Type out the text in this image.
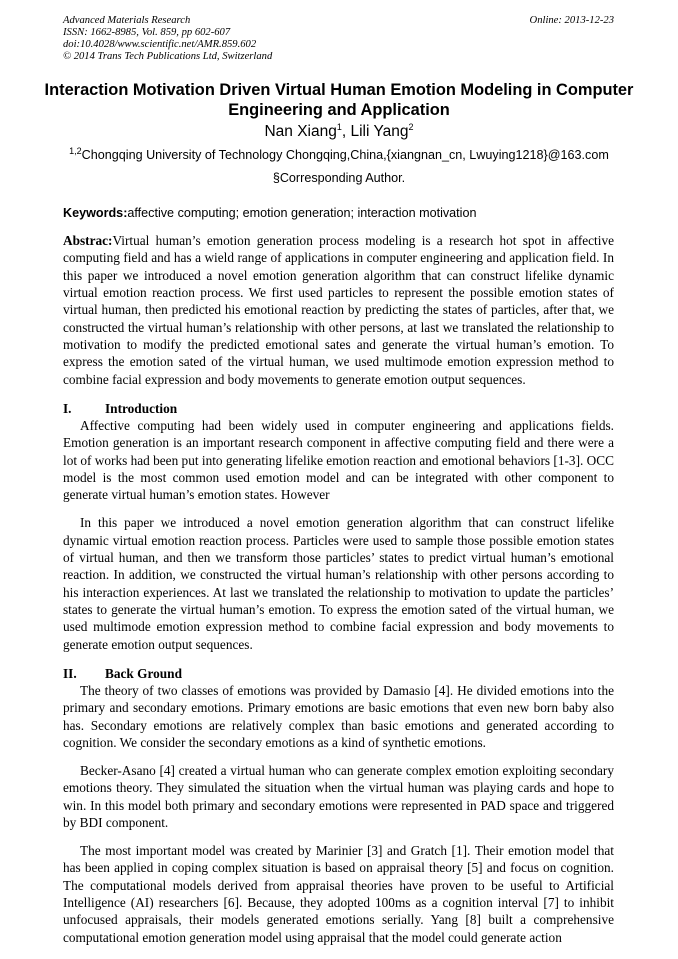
Advanced Materials Research
ISSN: 1662-8985, Vol. 859, pp 602-607
doi:10.4028/www.scientific.net/AMR.859.602
© 2014 Trans Tech Publications Ltd, Switzerland
Online: 2013-12-23
Interaction Motivation Driven Virtual Human Emotion Modeling in Computer Engineering and Application
Nan Xiang$^1$, Lili Yang$^2$
$^{1,2}$Chongqing University of Technology Chongqing,China,{xiangnan_cn, Lwuying1218}@163.com
§Corresponding Author.
Keywords:affective computing; emotion generation; interaction motivation

Abstrac:Virtual human’s emotion generation process modeling is a research hot spot in affective computing field and has a wield range of applications in computer engineering and application field. In this paper we introduced a novel emotion generation algorithm that can construct lifelike dynamic virtual emotion reaction process. We first used particles to represent the possible emotion states of virtual human, then predicted his emotional reaction by predicting the states of particles, after that, we constructed the virtual human’s relationship with other persons, at last we translated the relationship to motivation to modify the predicted emotional sates and generate the virtual human’s emotion. To express the emotion sated of the virtual human, we used multimode emotion expression method to combine facial expression and body movements to generate emotion output sequences.

I.	Introduction

Affective computing had been widely used in computer engineering and applications fields. Emotion generation is an important research component in affective computing field and there were a lot of works had been put into generating lifelike emotion reaction and emotional behaviors [1-3]. OCC model is the most common used emotion model and can be integrated with other component to generate virtual human’s emotion states. However

In this paper we introduced a novel emotion generation algorithm that can construct lifelike dynamic virtual emotion reaction process. Particles were used to sample those possible emotion states of virtual human, and then we transform those particles’ states to predict virtual human’s emotional reaction. In addition, we constructed the virtual human’s relationship with other persons according to his interaction experiences. At last we translated the relationship to motivation to update the particles’ states to generate the virtual human’s emotion. To express the emotion sated of the virtual human, we used multimode emotion expression method to combine facial expression and body movements to generate emotion output sequences.

II. Back Ground

The theory of two classes of emotions was provided by Damasio [4]. He divided emotions into the primary and secondary emotions. Primary emotions are basic emotions that even new born baby also has. Secondary emotions are relatively complex than basic emotions and generated according to cognition. We consider the secondary emotions as a kind of synthetic emotions.

Becker-Asano [4] created a virtual human who can generate complex emotion exploiting secondary emotions theory. They simulated the situation when the virtual human was playing cards and hope to win. In this model both primary and secondary emotions were represented in PAD space and triggered by BDI component.

The most important model was created by Marinier [3] and Gratch [1]. Their emotion model that has been applied in coping complex situation is based on appraisal theory [5] and focus on cognition. The computational models derived from appraisal theories have proven to be useful to Artificial Intelligence (AI) researchers [6]. Because, they adopted 100ms as a cognition interval [7] to inhibit unfocused appraisals, their models generated emotions serially. Yang [8] built a comprehensive computational emotion generation model using appraisal that the model could generate action
